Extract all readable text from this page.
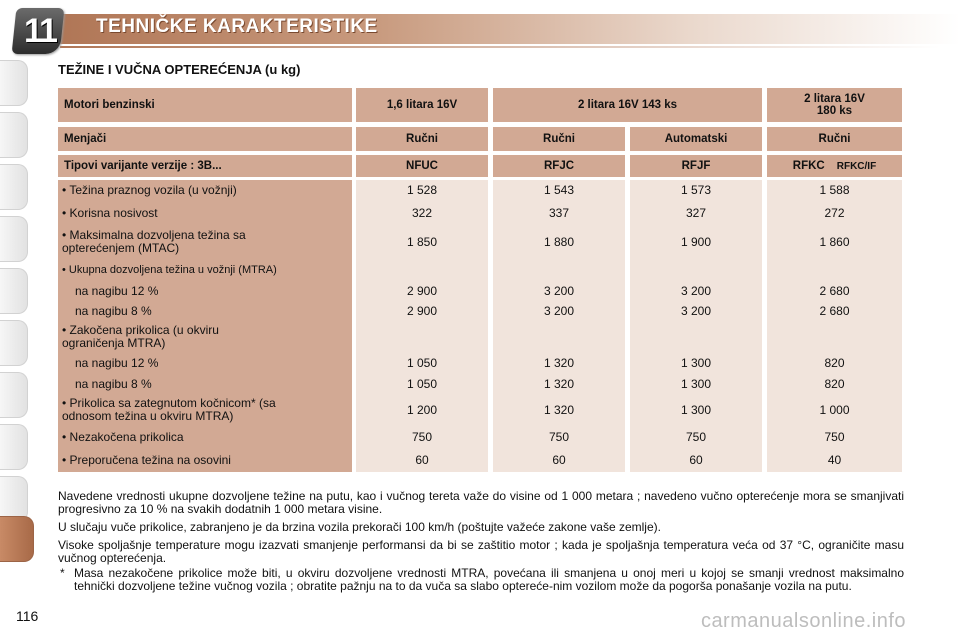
11	TEHNIČKE KARAKTERISTIKE
TEŽINE I VUČNA OPTEREĆENJA (u kg)
Motori benzinski	1,6 litara 16V	2 litara 16V 143 ks	2 litara 16V
180 ks
Menjači	Ručni	Ručni	Automatski	Ručni
Tipovi varijante verzije : 3B...	NFUC	RFJC	RFJF	RFKC RFKC/IF
• Težina praznog vozila (u vožnji)	1 528	1 543	1 573	1 588
• Korisna nosivost	322	337	327	272
• Maksimalna dozvoljena težina sa opterećenjem (MTAC)	1 850	1 880	1 900	1 860
• Ukupna dozvoljena težina u vožnji (MTRA)
na nagibu 12 %	2 900	3 200	3 200	2 680
na nagibu 8 %	2 900	3 200	3 200	2 680
• Zakočena prikolica (u okviru ograničenja MTRA)
na nagibu 12 %	1 050	1 320	1 300	820
na nagibu 8 %	1 050	1 320	1 300	820
• Prikolica sa zategnutom kočnicom* (sa odnosom težina u okviru MTRA)	1 200	1 320	1 300	1 000
• Nezakočena prikolica	750	750	750	750
• Preporučena težina na osovini	60	60	60	40

Navedene vrednosti ukupne dozvoljene težine na putu, kao i vučnog tereta važe do visine od 1 000 metara ; navedeno vučno opterećenje mora se smanjivati progresivno za 10 % na svakih dodatnih 1 000 metara visine.

U slučaju vuče prikolice, zabranjeno je da brzina vozila prekorači 100 km/h (poštujte važeće zakone vaše zemlje).

Visoke spoljašnje temperature mogu izazvati smanjenje performansi da bi se zaštitio motor ; kada je spoljašnja temperatura veća od 37 °C, ograničite masu vučnog opterećenja.

* Masa nezakočene prikolice može biti, u okviru dozvoljene vrednosti MTRA, povećana ili smanjena u onoj meri u kojoj se smanji vrednost maksimalno tehnički dozvoljene težine vučnog vozila ; obratite pažnju na to da vuča sa slabo optereće-nim vozilom može da pogorša ponašanje vozila na putu.
116	carmanualsonline.info
